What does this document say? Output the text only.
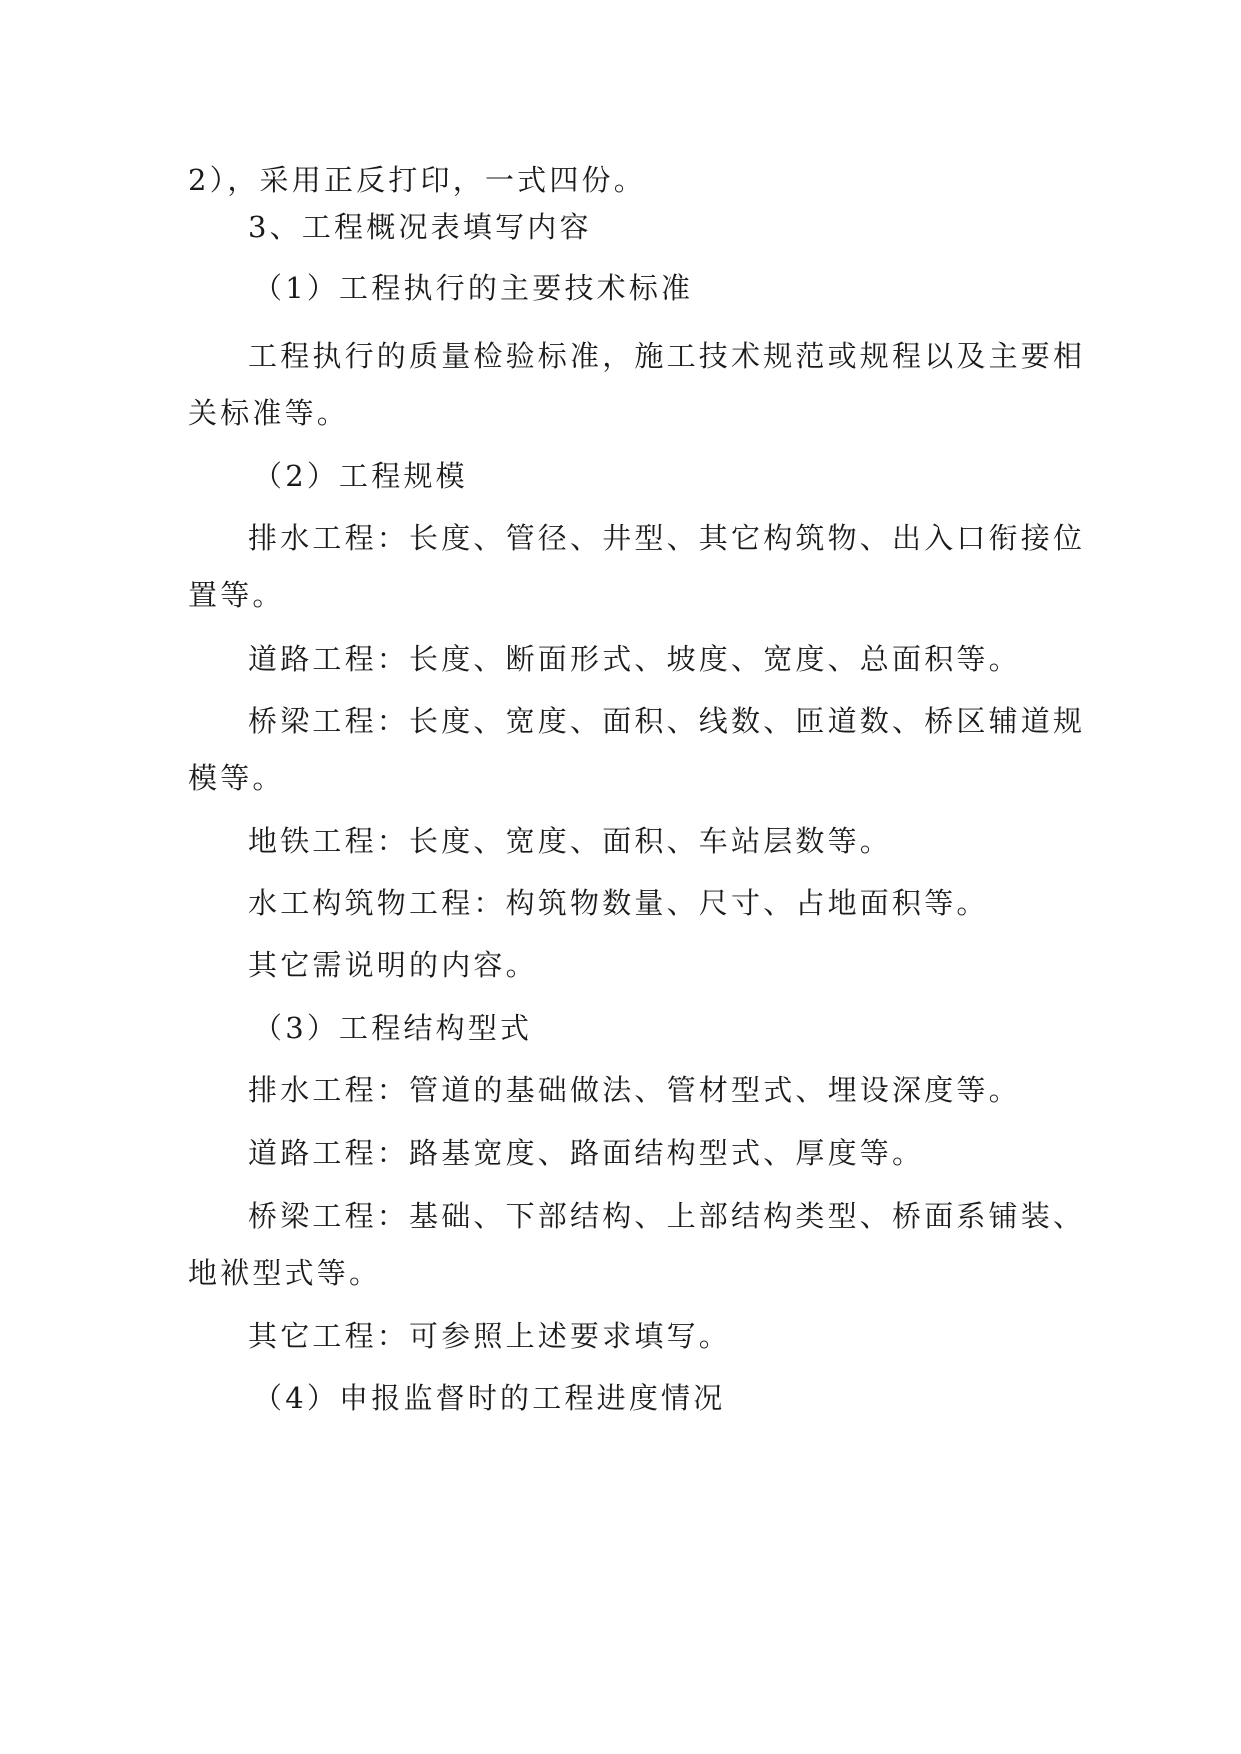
2），采用正反打印，一式四份。
3、工程概况表填写内容
（1）工程执行的主要技术标准
工程执行的质量检验标准，施工技术规范或规程以及主要相
关标准等。
（2）工程规模
排水工程：长度、管径、井型、其它构筑物、出入口衔接位
置等。
道路工程：长度、断面形式、坡度、宽度、总面积等。
桥梁工程：长度、宽度、面积、线数、匝道数、桥区辅道规
模等。
地铁工程：长度、宽度、面积、车站层数等。
水工构筑物工程：构筑物数量、尺寸、占地面积等。
其它需说明的内容。
（3）工程结构型式
排水工程：管道的基础做法、管材型式、埋设深度等。
道路工程：路基宽度、路面结构型式、厚度等。
桥梁工程：基础、下部结构、上部结构类型、桥面系铺装、
地袱型式等。
其它工程：可参照上述要求填写。
（4）申报监督时的工程进度情况
